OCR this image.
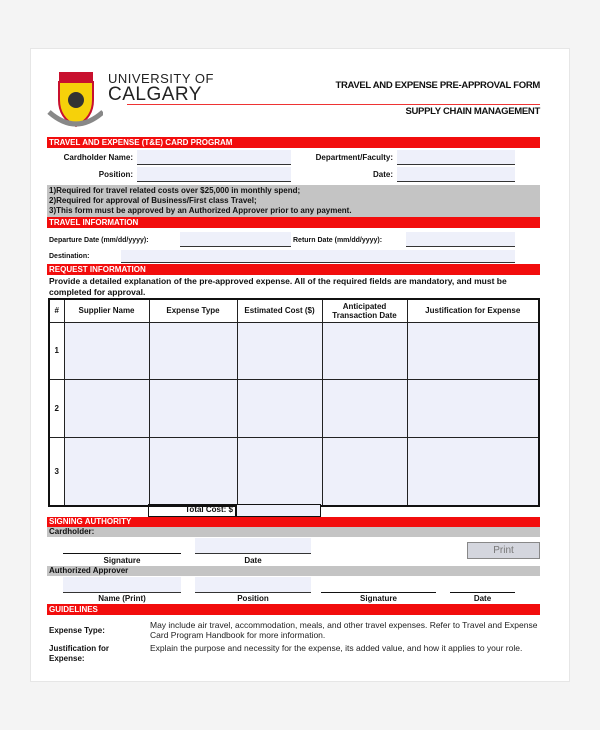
UNIVERSITY OF
CALGARY	TRAVEL AND EXPENSE PRE-APPROVAL FORM
SUPPLY CHAIN MANAGEMENT
TRAVEL AND EXPENSE (T&E) CARD PROGRAM
Cardholder Name:	Department/Faculty:
Position:	Date:
1)Required for travel related costs over $25,000 in monthly spend;
2)Required for approval of Business/First class Travel;
3)This form must be approved by an Authorized Approver prior to any payment.
TRAVEL INFORMATION
Departure Date (mm/dd/yyyy):	Return Date (mm/dd/yyyy):
Destination:
REQUEST INFORMATION
Provide a detailed explanation of the pre-approved expense. All of the required fields are mandatory, and must be completed for approval.
#	Supplier Name	Expense Type	Estimated Cost ($)	Anticipated Transaction Date	Justification for Expense
1					
2					
3					
Total Cost: $
SIGNING AUTHORITY
Cardholder:
Signature	Date
Print
Authorized Approver
Name (Print)	Position	Signature	Date
GUIDELINES
Expense Type:
May include air travel, accommodation, meals, and other travel expenses. Refer to Travel and Expense Card Program Handbook for more information.
Justification for Expense:
Explain the purpose and necessity for the expense, its added value, and how it applies to your role.
